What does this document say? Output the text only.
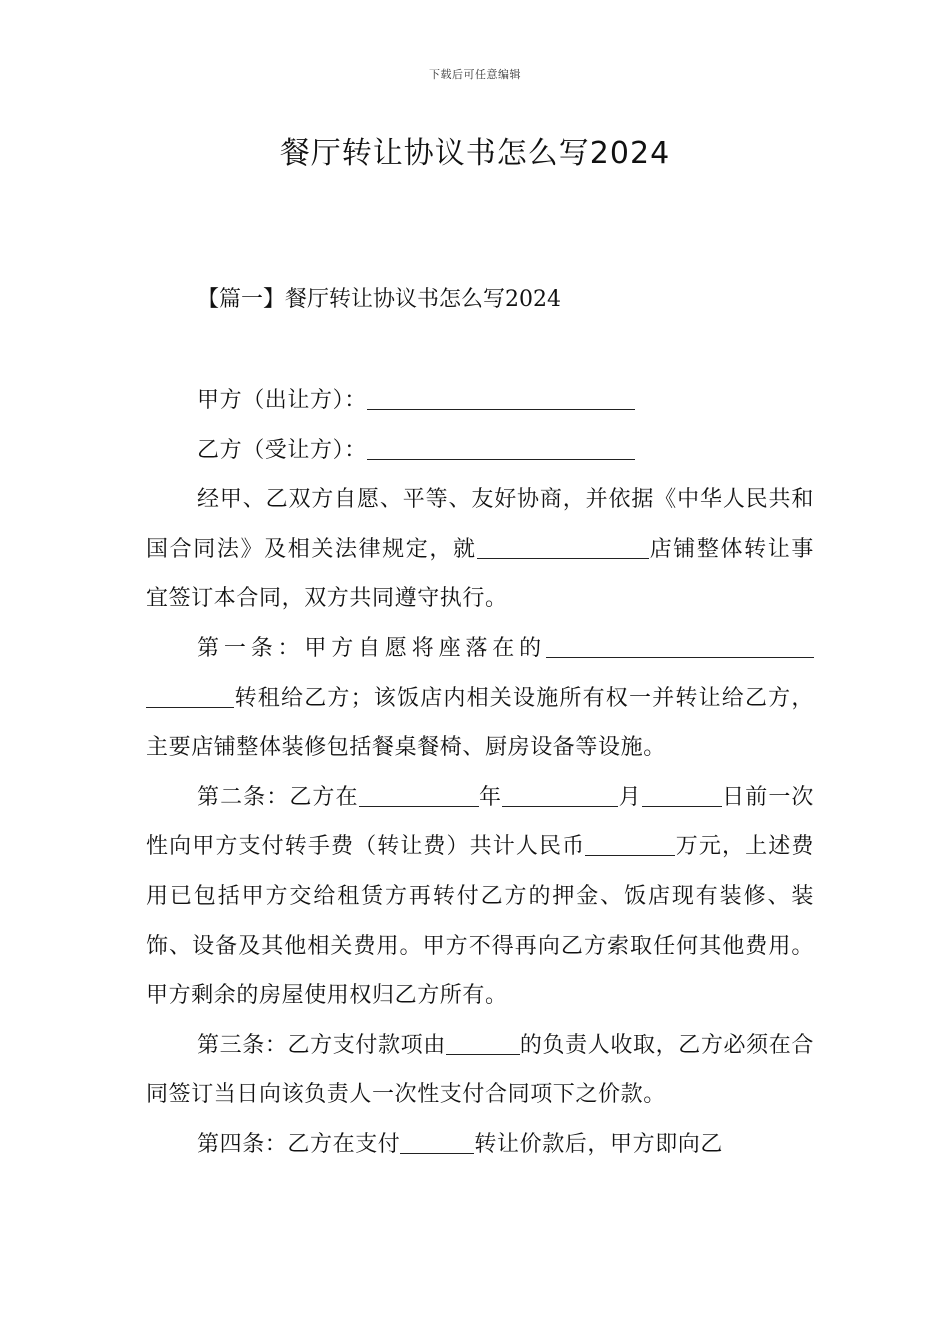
下载后可任意编辑
餐厅转让协议书怎么写2024
【篇一】餐厅转让协议书怎么写2024

甲方（出让方）：

乙方（受让方）：

经甲、乙双方自愿、平等、友好协商，并依据《中华人民共和国合同法》及相关法律规定，就	店铺整体转让事宜签订本合同，双方共同遵守执行。

第一条：甲方自愿将座落在的转租给乙方；该饭店内相关设施所有权一并转让给乙方，主要店铺整体装修包括餐桌餐椅、厨房设备等设施。

第二条：乙方在	年	月	日前一次性向甲方支付转手费（转让费）共计人民币	万元，上述费用已包括甲方交给租赁方再转付乙方的押金、饭店现有装修、装饰、设备及其他相关费用。甲方不得再向乙方索取任何其他费用。甲方剩余的房屋使用权归乙方所有。

第三条：乙方支付款项由	的负责人收取，乙方必须在合同签订当日向该负责人一次性支付合同项下之价款。

第四条：乙方在支付	转让价款后，甲方即向乙
